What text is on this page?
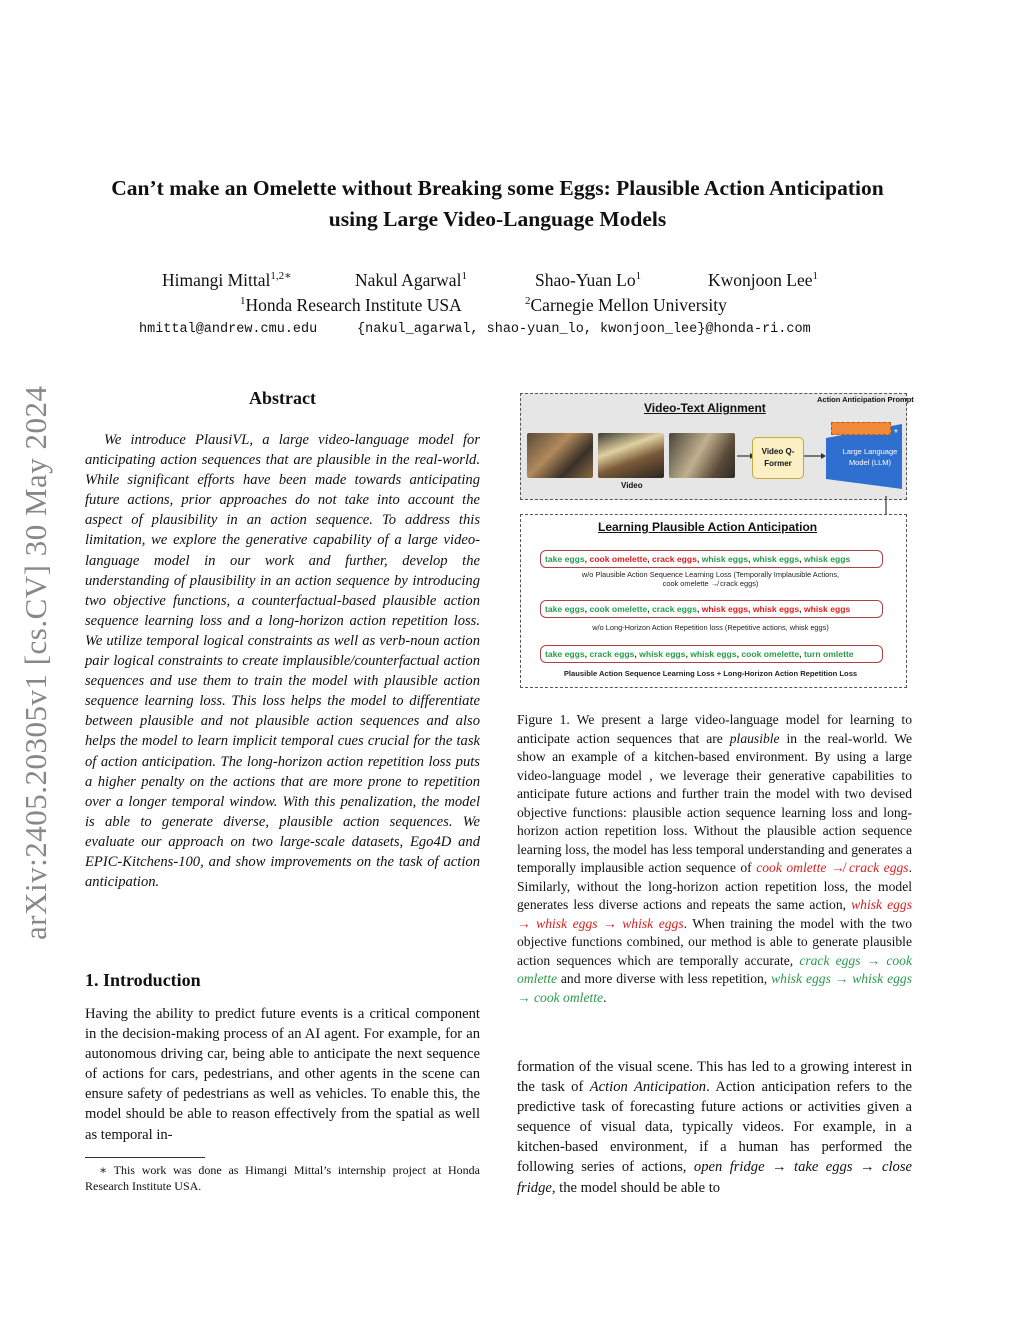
Can’t make an Omelette without Breaking some Eggs: Plausible Action Anticipation using Large Video-Language Models
Himangi Mittal$^{1,2∗}$	Nakul Agarwal$^1$	Shao-Yuan Lo$^1$	Kwonjoon Lee$^1$
$^1$Honda Research Institute USA	$^2$Carnegie Mellon University
hmittal@andrew.cmu.edu	{nakul_agarwal, shao-yuan_lo, kwonjoon_lee}@honda-ri.com
arXiv:2405.20305v1 [cs.CV] 30 May 2024	Abstract
We introduce PlausiVL, a large video-language model for anticipating action sequences that are plausible in the real-world. While significant efforts have been made towards anticipating future actions, prior approaches do not take into account the aspect of plausibility in an action sequence. To address this limitation, we explore the generative capability of a large video-language model in our work and further, develop the understanding of plausibility in an action sequence by introducing two objective functions, a counterfactual-based plausible action sequence learning loss and a long-horizon action repetition loss. We utilize temporal logical constraints as well as verb-noun action pair logical constraints to create implausible/counterfactual action sequences and use them to train the model with plausible action sequence learning loss. This loss helps the model to differentiate between plausible and not plausible action sequences and also helps the model to learn implicit temporal cues crucial for the task of action anticipation. The long-horizon action repetition loss puts a higher penalty on the actions that are more prone to repetition over a longer temporal window. With this penalization, the model is able to generate diverse, plausible action sequences. We evaluate our approach on two large-scale datasets, Ego4D and EPIC-Kitchens-100, and show improvements on the task of action anticipation.
1. Introduction
Having the ability to predict future events is a critical component in the decision-making process of an AI agent. For example, for an autonomous driving car, being able to anticipate the next sequence of actions for cars, pedestrians, and other agents in the scene can ensure safety of pedestrians as well as vehicles. To enable this, the model should be able to reason effectively from the spatial as well as temporal in-
∗ This work was done as Himangi Mittal’s internship project at Honda Research Institute USA.
Video-Text Alignment
Action Anticipation Prompt
Video
*
Large Language Model (LLM)
Video Q-Former
Learning Plausible Action Anticipation
take eggs, cook omelette, crack eggs, whisk eggs, whisk eggs, whisk eggs
w/o Plausible Action Sequence Learning Loss (Temporally Implausible Actions,
cook omelette ↛ crack eggs)
take eggs, cook omelette, crack eggs, whisk eggs, whisk eggs, whisk eggs
w/o Long-Horizon Action Repetition loss (Repetitive actions, whisk eggs)
take eggs, crack eggs, whisk eggs, whisk eggs, cook omelette, turn omlette
Plausible Action Sequence Learning Loss + Long-Horizon Action Repetition Loss
Figure 1. We present a large video-language model for learning to anticipate action sequences that are plausible in the real-world. We show an example of a kitchen-based environment. By using a large video-language model , we leverage their generative capabilities to anticipate future actions and further train the model with two devised objective functions: plausible action sequence learning loss and long-horizon action repetition loss. Without the plausible action sequence learning loss, the model has less temporal understanding and generates a temporally implausible action sequence of cook omlette ↛ crack eggs. Similarly, without the long-horizon action repetition loss, the model generates less diverse actions and repeats the same action, whisk eggs → whisk eggs → whisk eggs. When training the model with the two objective functions combined, our method is able to generate plausible action sequences which are temporally accurate, crack eggs → cook omlette and more diverse with less repetition, whisk eggs → whisk eggs → cook omlette.
formation of the visual scene. This has led to a growing interest in the task of Action Anticipation. Action anticipation refers to the predictive task of forecasting future actions or activities given a sequence of visual data, typically videos. For example, in a kitchen-based environment, if a human has performed the following series of actions, open fridge → take eggs → close fridge, the model should be able to
